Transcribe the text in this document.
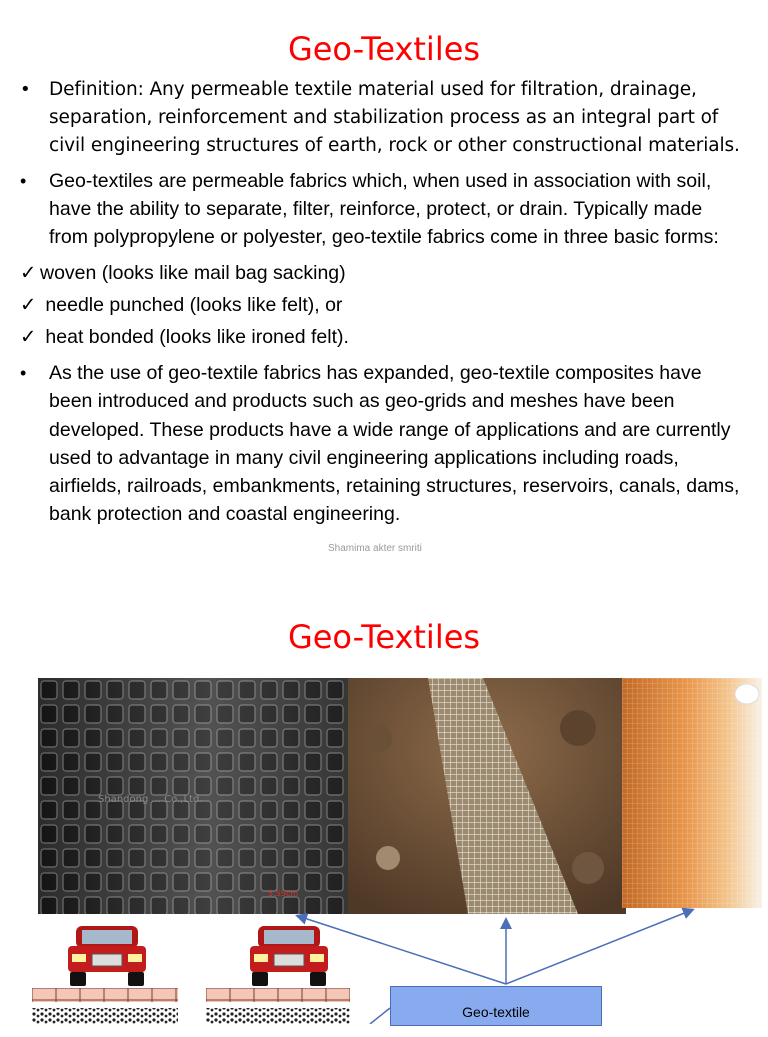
Geo-Textiles
• Definition: Any permeable textile material used for filtration, drainage, separation, reinforcement and stabilization process as an integral part of civil engineering structures of earth, rock or other constructional materials.
• Geo-textiles are permeable fabrics which, when used in association with soil, have the ability to separate, filter, reinforce, protect, or drain. Typically made from polypropylene or polyester, geo-textile fabrics come in three basic forms:
✓ woven (looks like mail bag sacking)
✓ needle punched (looks like felt), or
✓ heat bonded (looks like ironed felt).
• As the use of geo-textile fabrics has expanded, geo-textile composites have been introduced and products such as geo-grids and meshes have been developed. These products have a wide range of applications and are currently used to advantage in many civil engineering applications including roads, airfields, railroads, embankments, retaining structures, reservoirs, canals, dams, bank protection and coastal engineering.
Shamima akter smriti
Geo-Textiles
Shandong ... Co.,Ltd.
5.55cm
Geo-textile
